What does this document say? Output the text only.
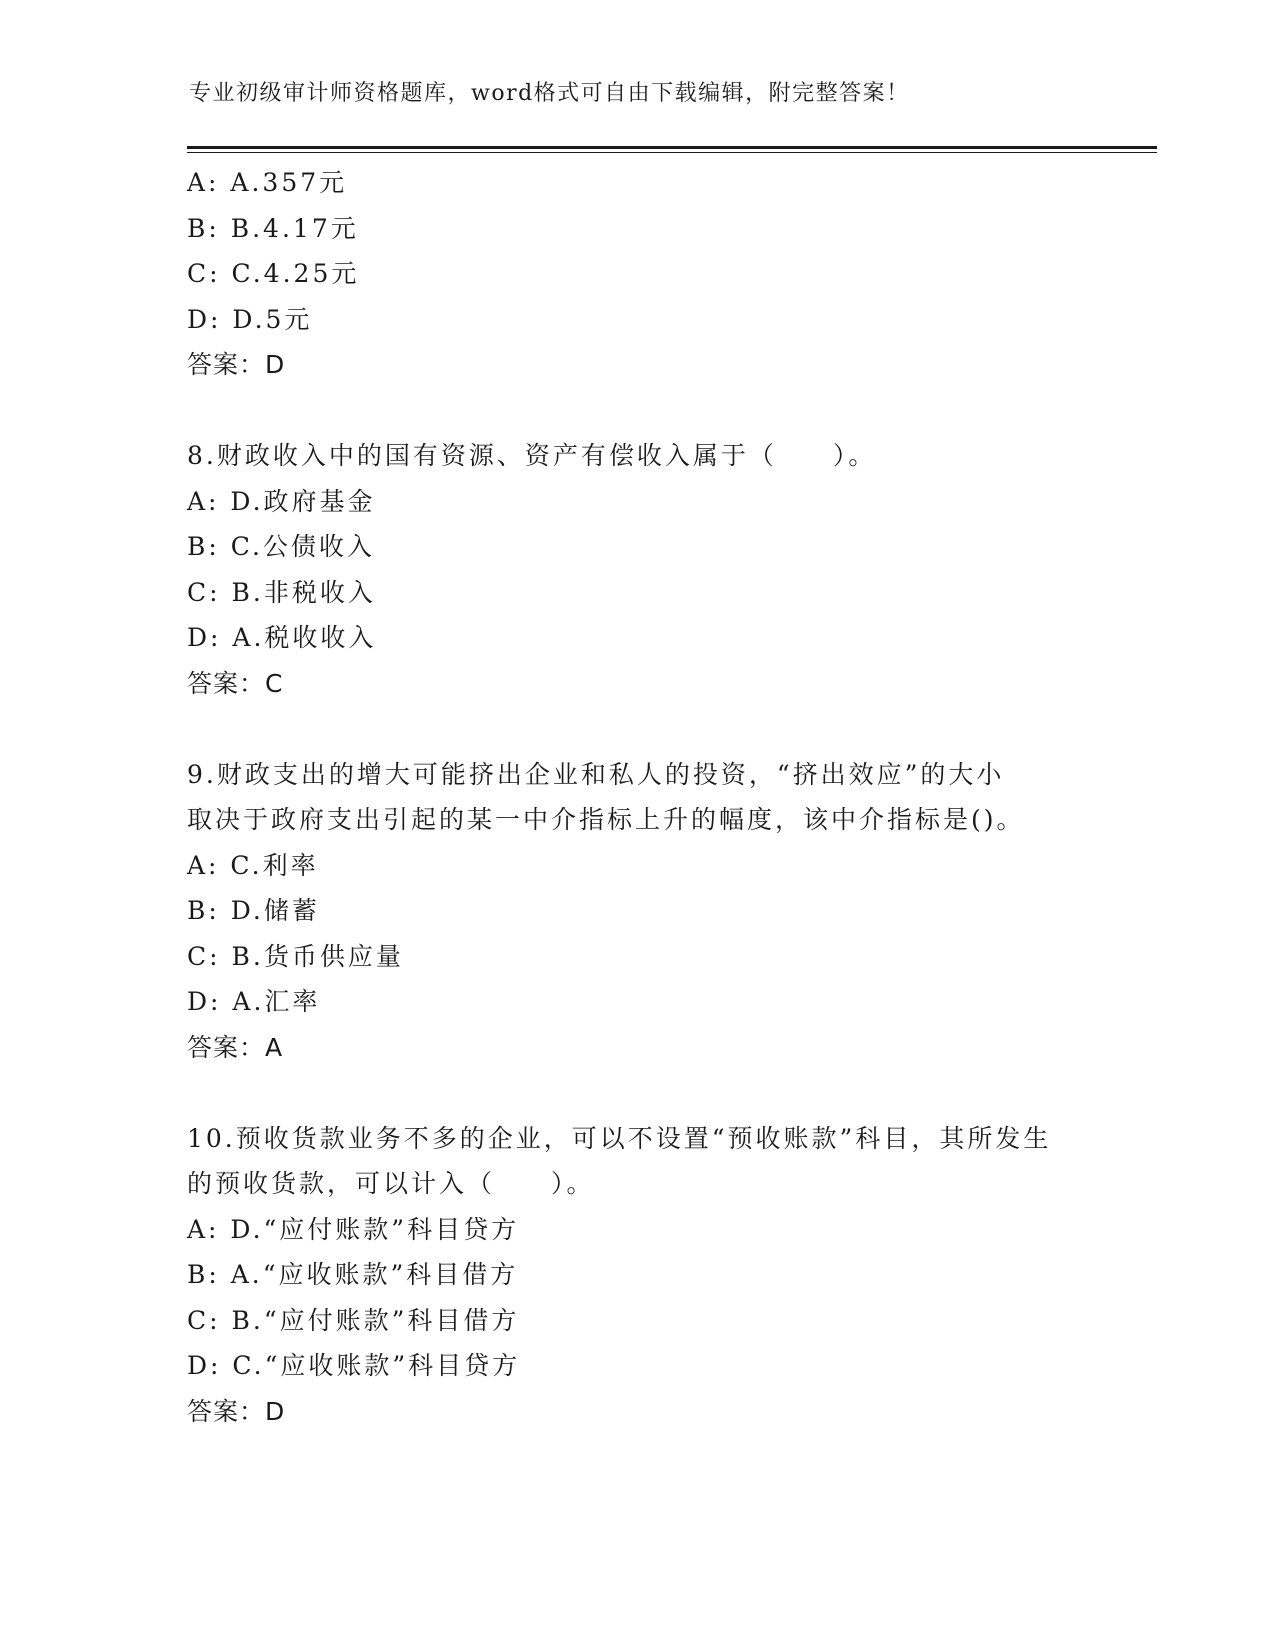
专业初级审计师资格题库，word格式可自由下载编辑，附完整答案！
A: A.357元
B: B.4.17元
C: C.4.25元
D: D.5元
答案：D
8.财政收入中的国有资源、资产有偿收入属于（　　）。
A: D.政府基金
B: C.公债收入
C: B.非税收入
D: A.税收收入
答案：C
9.财政支出的增大可能挤出企业和私人的投资，“挤出效应”的大小取决于政府支出引起的某一中介指标上升的幅度，该中介指标是()。
A: C.利率
B: D.储蓄
C: B.货币供应量
D: A.汇率
答案：A
10.预收货款业务不多的企业，可以不设置“预收账款”科目，其所发生的预收货款，可以计入（　　）。
A: D.“应付账款”科目贷方
B: A.“应收账款”科目借方
C: B.“应付账款”科目借方
D: C.“应收账款”科目贷方
答案：D
